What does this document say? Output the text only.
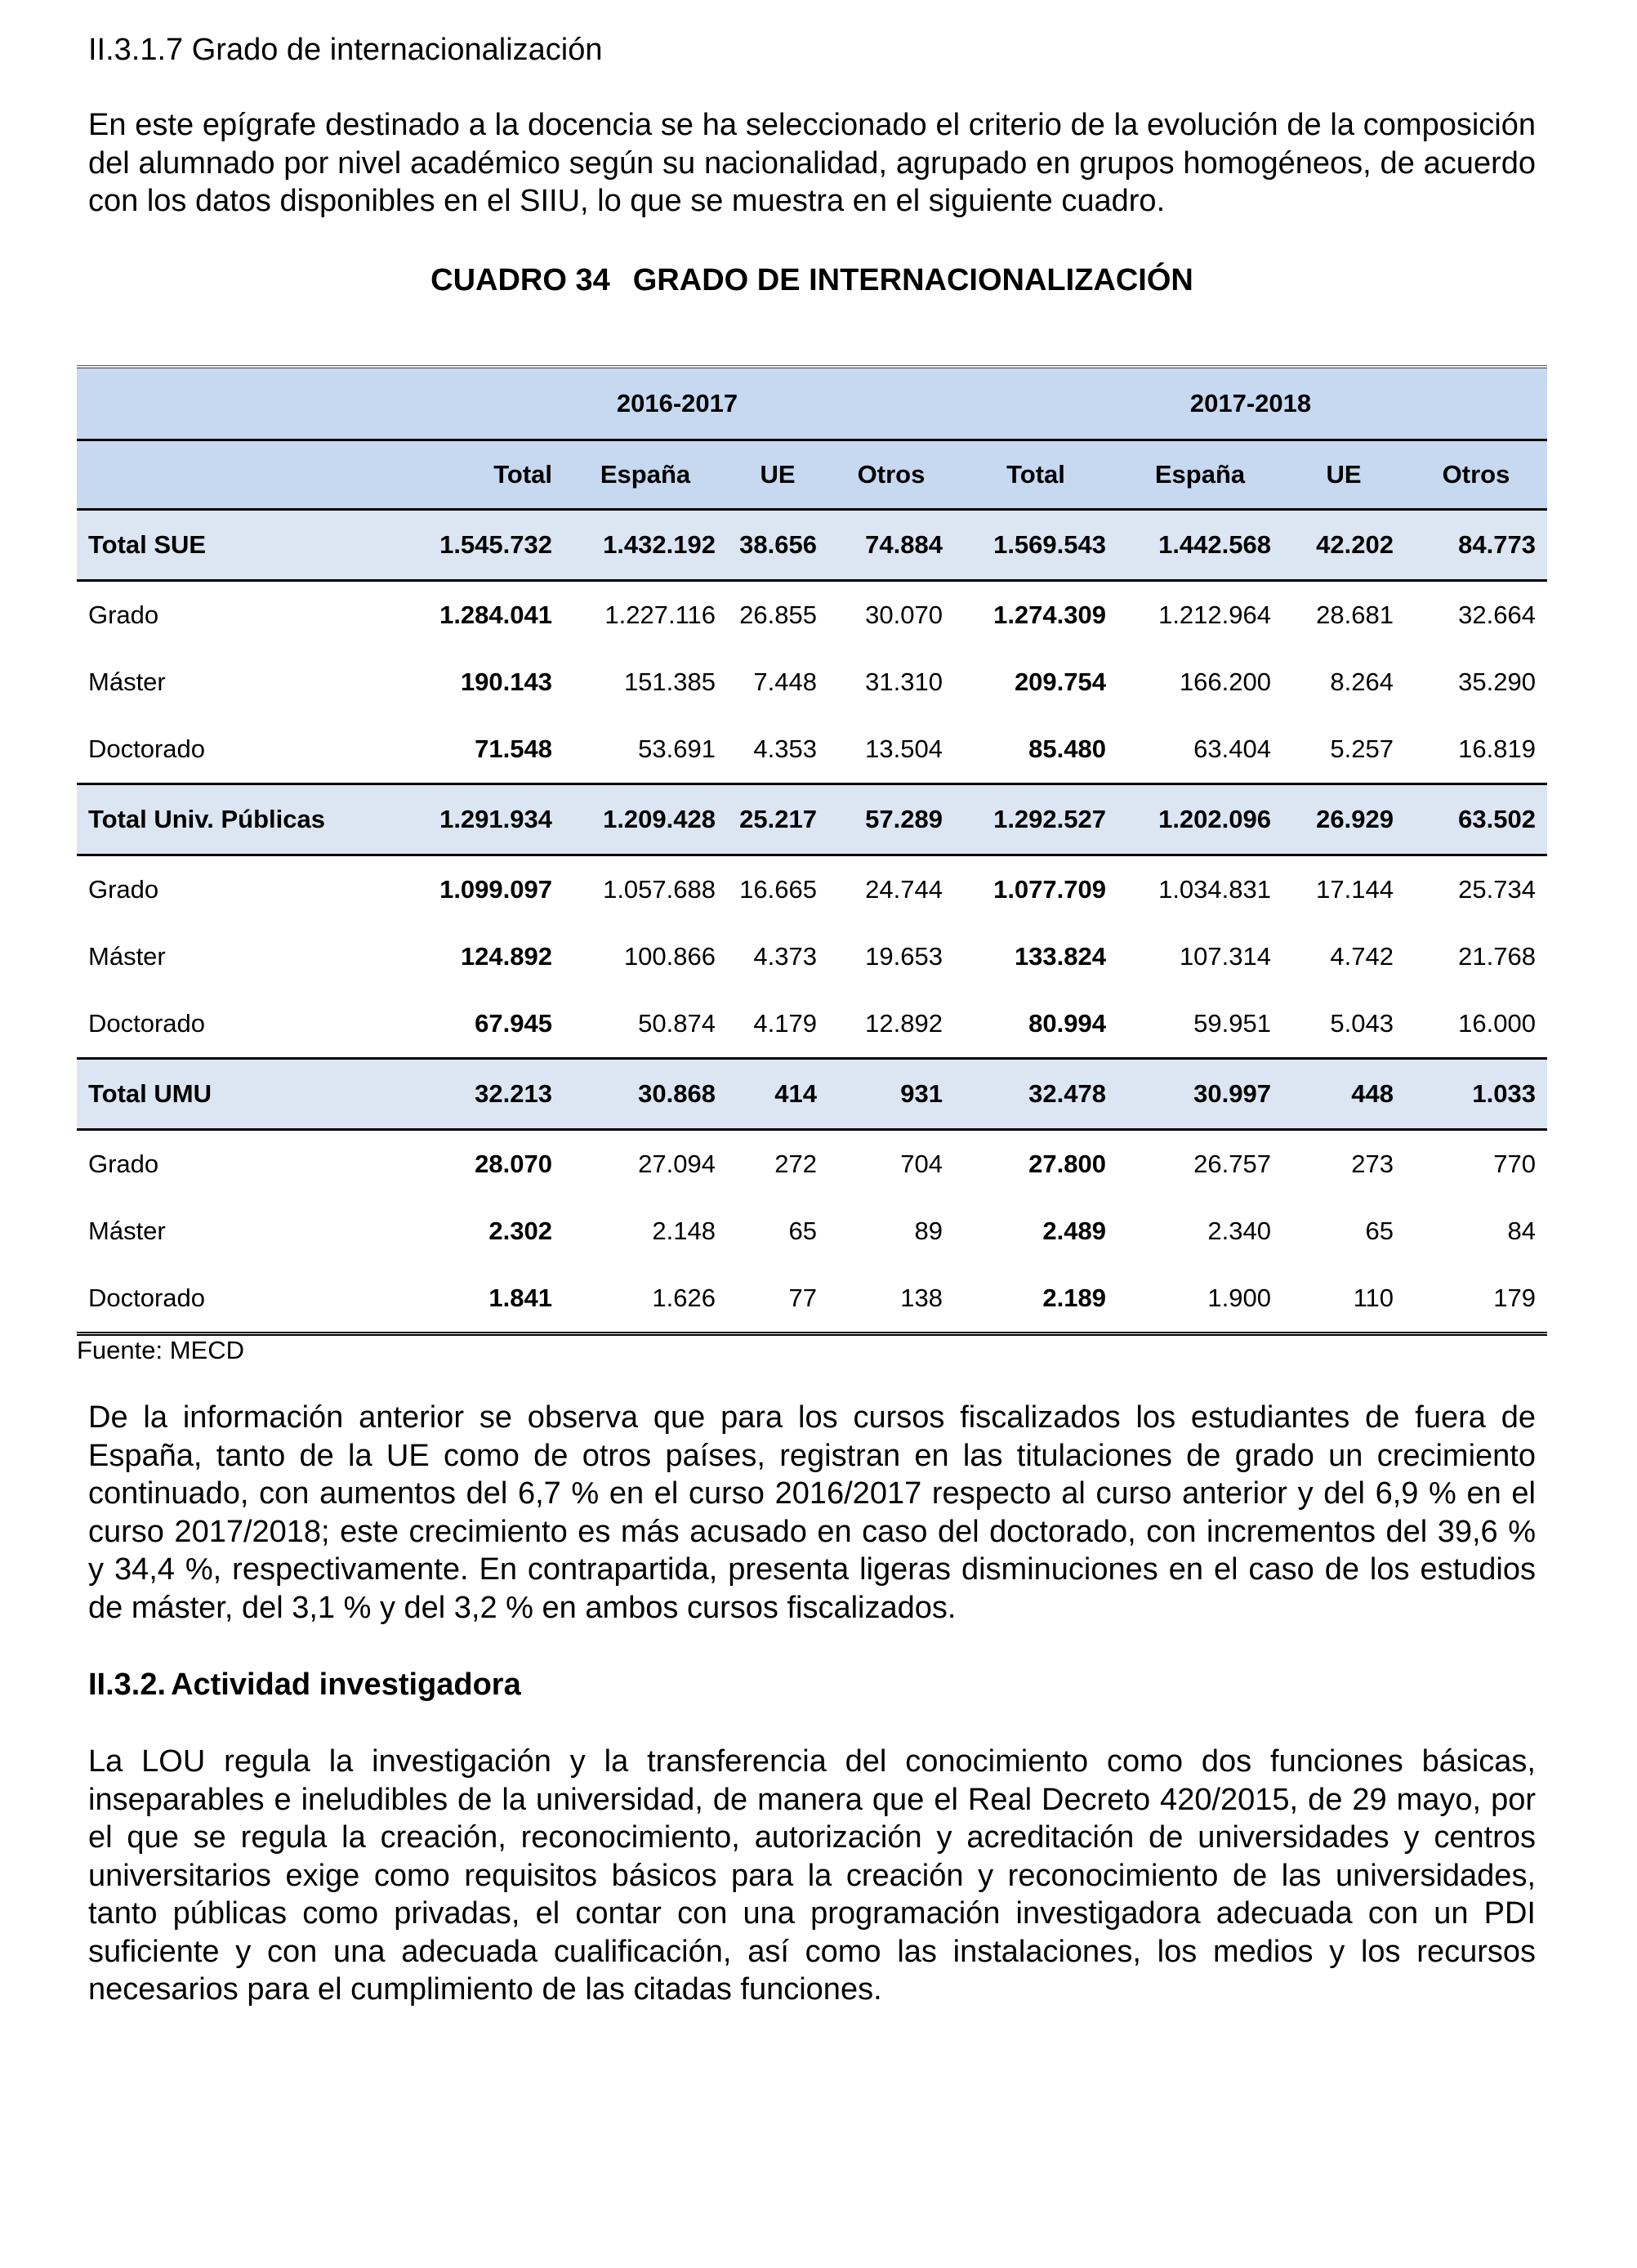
II.3.1.7 Grado de internacionalización

En este epígrafe destinado a la docencia se ha seleccionado el criterio de la evolución de la composición del alumnado por nivel académico según su nacionalidad, agrupado en grupos homogéneos, de acuerdo con los datos disponibles en el SIIU, lo que se muestra en el siguiente cuadro.

CUADRO 34 GRADO DE INTERNACIONALIZACIÓN

	2016-2017				2017-2018			
	Total	España	UE	Otros	Total	España	UE	Otros
Total SUE	1.545.732	1.432.192	38.656	74.884	1.569.543	1.442.568	42.202	84.773
Grado	1.284.041	1.227.116	26.855	30.070	1.274.309	1.212.964	28.681	32.664
Máster	190.143	151.385	7.448	31.310	209.754	166.200	8.264	35.290
Doctorado	71.548	53.691	4.353	13.504	85.480	63.404	5.257	16.819
Total Univ. Públicas	1.291.934	1.209.428	25.217	57.289	1.292.527	1.202.096	26.929	63.502
Grado	1.099.097	1.057.688	16.665	24.744	1.077.709	1.034.831	17.144	25.734
Máster	124.892	100.866	4.373	19.653	133.824	107.314	4.742	21.768
Doctorado	67.945	50.874	4.179	12.892	80.994	59.951	5.043	16.000
Total UMU	32.213	30.868	414	931	32.478	30.997	448	1.033
Grado	28.070	27.094	272	704	27.800	26.757	273	770
Máster	2.302	2.148	65	89	2.489	2.340	65	84
Doctorado	1.841	1.626	77	138	2.189	1.900	110	179

Fuente: MECD

De la información anterior se observa que para los cursos fiscalizados los estudiantes de fuera de España, tanto de la UE como de otros países, registran en las titulaciones de grado un crecimiento continuado, con aumentos del 6,7 % en el curso 2016/2017 respecto al curso anterior y del 6,9 % en el curso 2017/2018; este crecimiento es más acusado en caso del doctorado, con incrementos del 39,6 % y 34,4 %, respectivamente. En contrapartida, presenta ligeras disminuciones en el caso de los estudios de máster, del 3,1 % y del 3,2 % en ambos cursos fiscalizados.

II.3.2. Actividad investigadora

La LOU regula la investigación y la transferencia del conocimiento como dos funciones básicas, inseparables e ineludibles de la universidad, de manera que el Real Decreto 420/2015, de 29 mayo, por el que se regula la creación, reconocimiento, autorización y acreditación de universidades y centros universitarios exige como requisitos básicos para la creación y reconocimiento de las universidades, tanto públicas como privadas, el contar con una programación investigadora adecuada con un PDI suficiente y con una adecuada cualificación, así como las instalaciones, los medios y los recursos necesarios para el cumplimiento de las citadas funciones.
